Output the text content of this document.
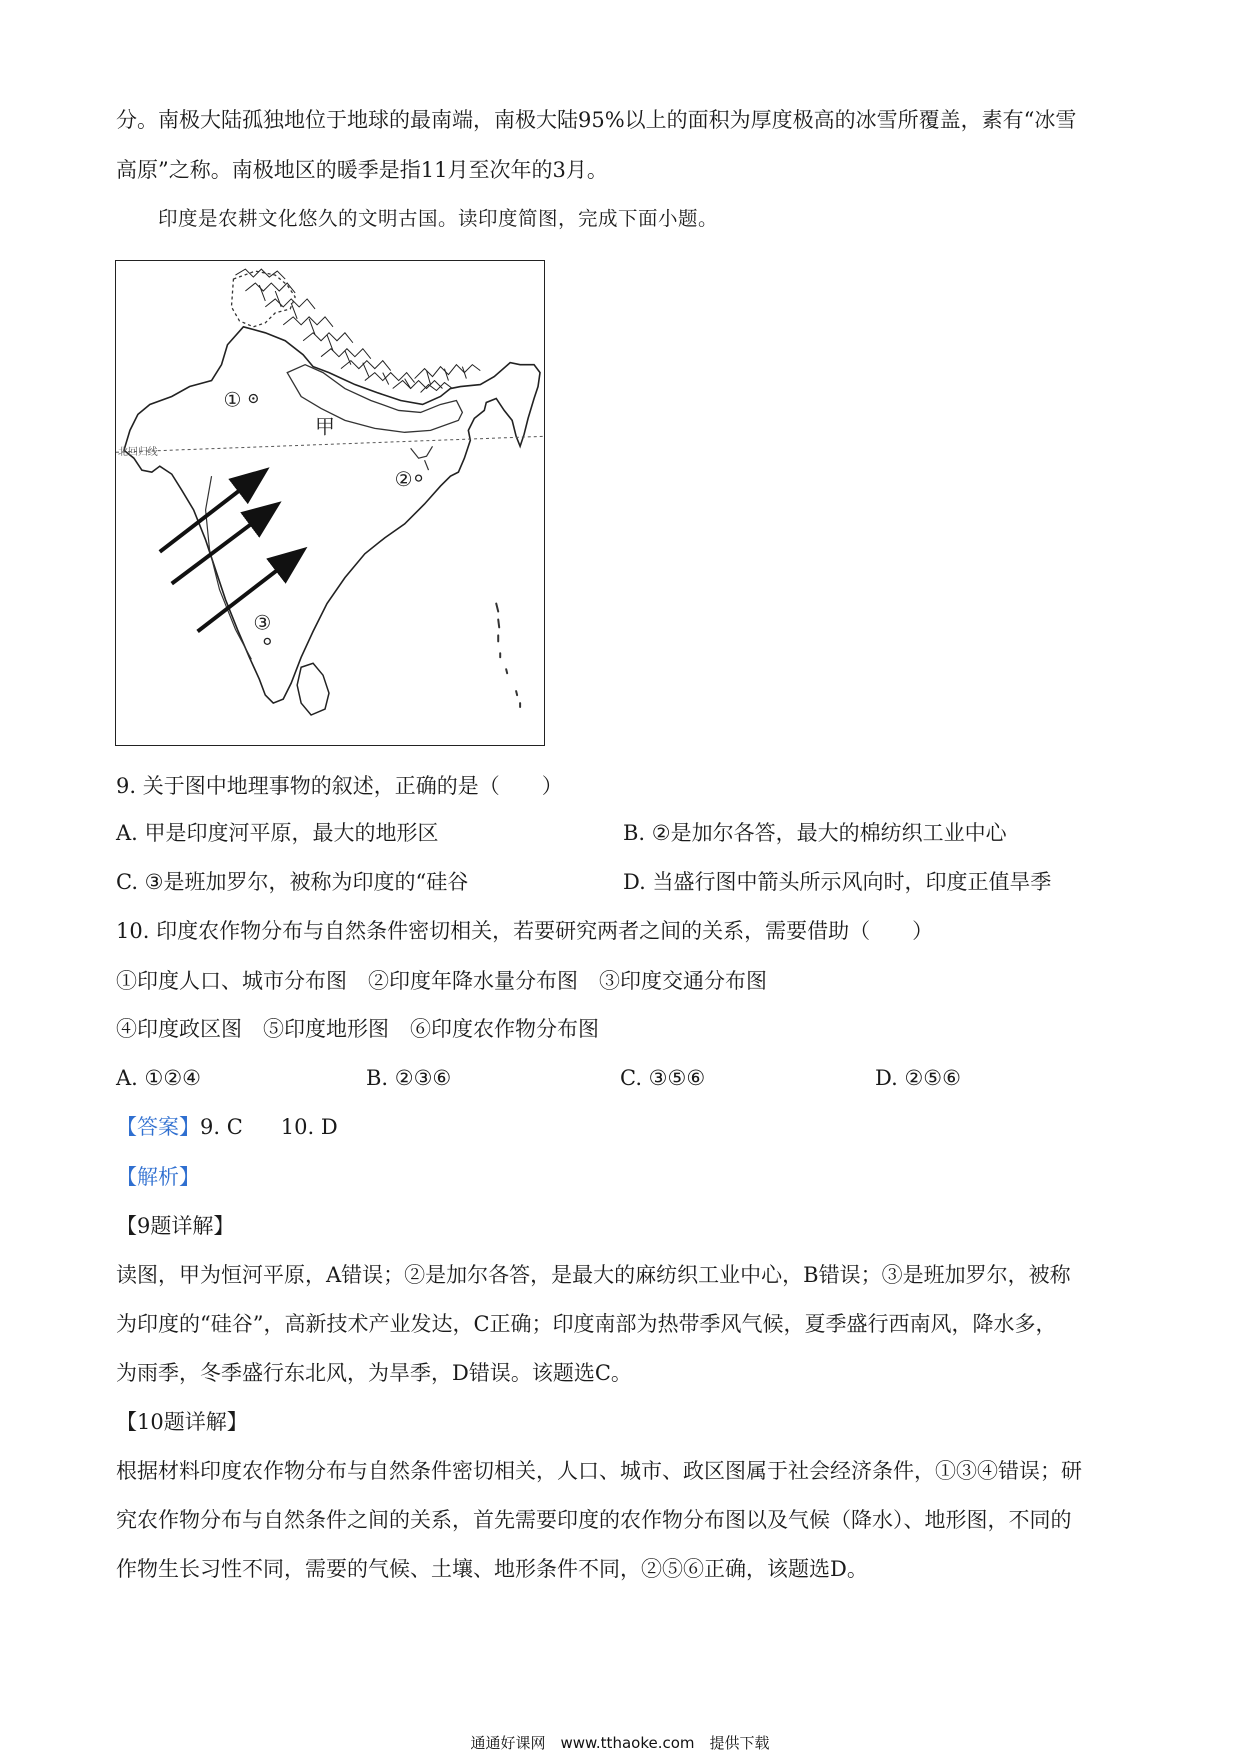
分。南极大陆孤独地位于地球的最南端，南极大陆95%以上的面积为厚度极高的冰雪所覆盖，素有“冰雪
高原”之称。南极地区的暖季是指11月至次年的3月。
印度是农耕文化悠久的文明古国。读印度简图，完成下面小题。
北回归线
①
甲
②
③
9. 关于图中地理事物的叙述，正确的是（　　）
A. 甲是印度河平原，最大的地形区	B. ②是加尔各答，最大的棉纺织工业中心
C. ③是班加罗尔，被称为印度的“硅谷	D. 当盛行图中箭头所示风向时，印度正值旱季
10. 印度农作物分布与自然条件密切相关，若要研究两者之间的关系，需要借助（　　）
①印度人口、城市分布图　②印度年降水量分布图　③印度交通分布图
④印度政区图　⑤印度地形图　⑥印度农作物分布图
A. ①②④	B. ②③⑥	C. ③⑤⑥	D. ②⑤⑥
【答案】9. C 10. D
【解析】
【9题详解】
读图，甲为恒河平原，A错误；②是加尔各答，是最大的麻纺织工业中心，B错误；③是班加罗尔，被称
为印度的“硅谷”，高新技术产业发达，C正确；印度南部为热带季风气候，夏季盛行西南风，降水多，
为雨季，冬季盛行东北风，为旱季，D错误。该题选C。
【10题详解】
根据材料印度农作物分布与自然条件密切相关，人口、城市、政区图属于社会经济条件，①③④错误；研
究农作物分布与自然条件之间的关系，首先需要印度的农作物分布图以及气候（降水）、地形图，不同的
作物生长习性不同，需要的气候、土壤、地形条件不同，②⑤⑥正确，该题选D。
通通好课网　www.tthaoke.com　提供下载
